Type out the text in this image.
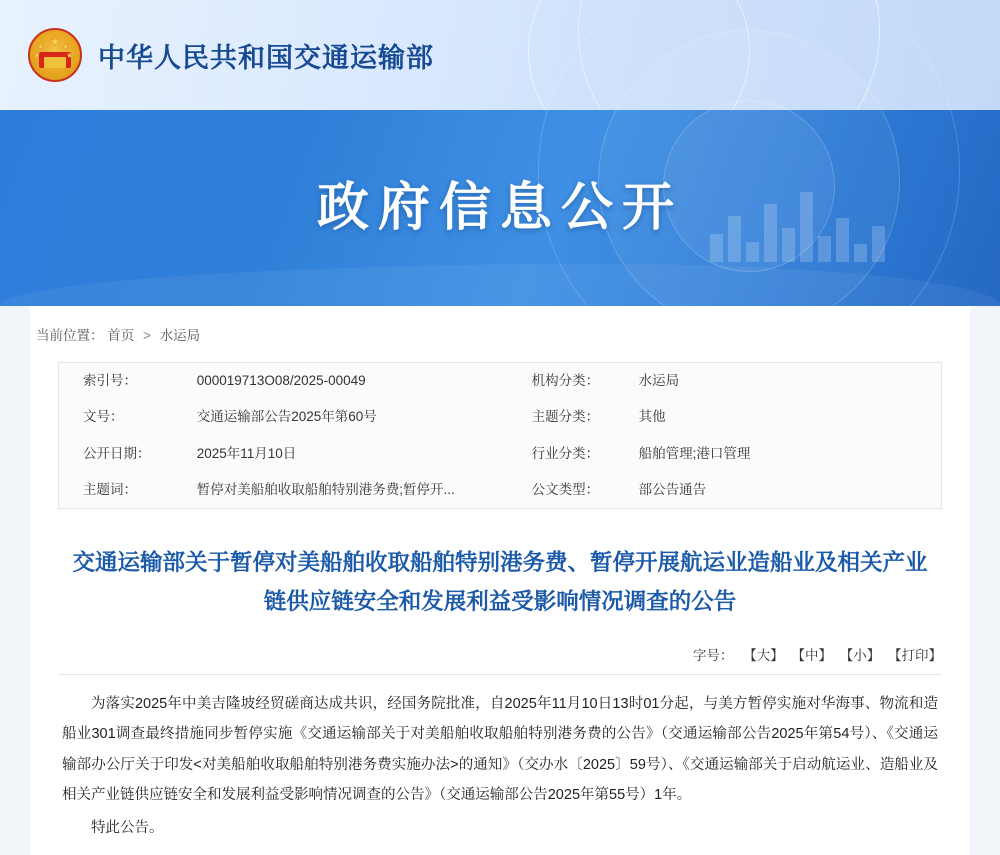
★
★ ★
★	★ 中华人民共和国交通运输部
政府信息公开
当前位置： 首页 > 水运局
索引号：	000019713O08/2025-00049	机构分类：	水运局
文号：	交通运输部公告2025年第60号	主题分类：	其他
公开日期：	2025年11月10日	行业分类：	船舶管理;港口管理
主题词：	暂停对美船舶收取船舶特别港务费;暂停开...	公文类型：	部公告通告
交通运输部关于暂停对美船舶收取船舶特别港务费、暂停开展航运业造船业及相关产业链供应链安全和发展利益受影响情况调查的公告
字号： 【大】 【中】 【小】 【打印】

为落实2025年中美吉隆坡经贸磋商达成共识，经国务院批准，自2025年11月10日13时01分起，与美方暂停实施对华海事、物流和造船业301调查最终措施同步暂停实施《交通运输部关于对美船舶收取船舶特别港务费的公告》（交通运输部公告2025年第54号）、《交通运输部办公厅关于印发<对美船舶收取船舶特别港务费实施办法>的通知》（交办水〔2025〕59号）、《交通运输部关于启动航运业、造船业及相关产业链供应链安全和发展利益受影响情况调查的公告》（交通运输部公告2025年第55号）1年。

特此公告。
